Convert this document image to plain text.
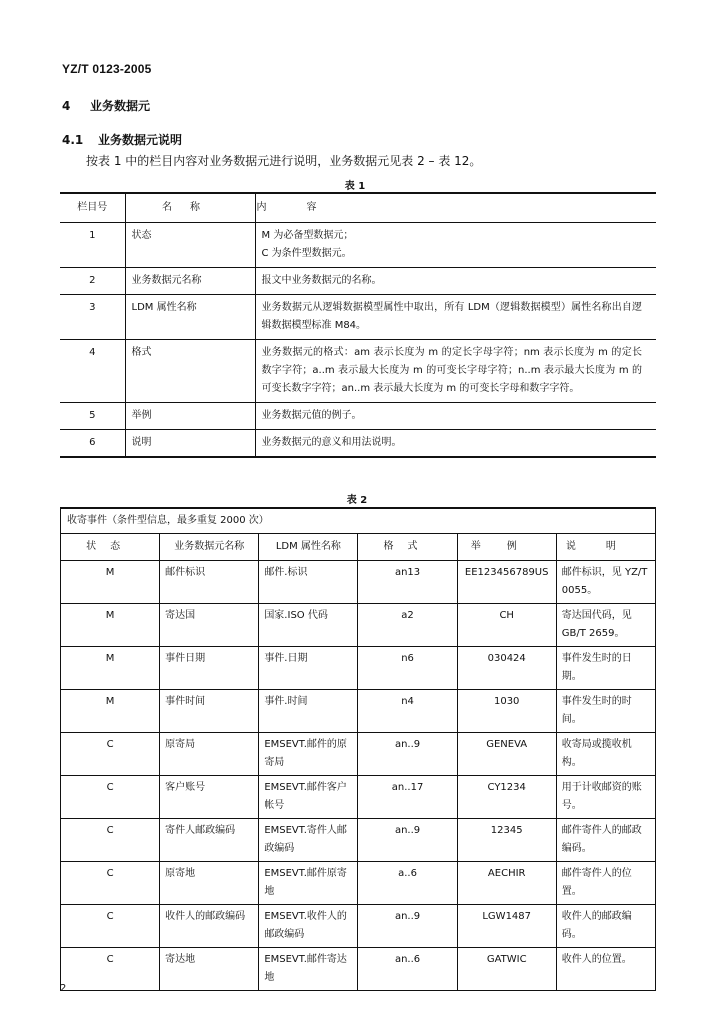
YZ/T 0123-2005
4 业务数据元
4.1 业务数据元说明
按表 1 中的栏目内容对业务数据元进行说明，业务数据元见表 2 – 表 12。
表 1
栏目号	名称	内容
1	状态	M 为必备型数据元；
C 为条件型数据元。

2	业务数据元名称	报文中业务数据元的名称。

3	LDM 属性名称	业务数据元从逻辑数据模型属性中取出，所有 LDM（逻辑数据模型）属性名称出自逻辑数据模型标准 M84。

4	格式	业务数据元的格式：am 表示长度为 m 的定长字母字符；nm 表示长度为 m 的定长数字字符；a..m 表示最大长度为 m 的可变长字母字符；n..m 表示最大长度为 m 的可变长数字字符；an..m 表示最大长度为 m 的可变长字母和数字字符。

5	举例	业务数据元值的例子。

6	说明	业务数据元的意义和用法说明。
表 2
收寄事件（条件型信息，最多重复 2000 次）					
状态	业务数据元名称	LDM 属性名称	格式	举例	说明
M	邮件标识	邮件.标识	an13	EE123456789US	邮件标识，见 YZ/T 0055。
M	寄达国	国家.ISO 代码	a2	CH	寄达国代码，见 GB/T 2659。
M	事件日期	事件.日期	n6	030424	事件发生时的日期。
M	事件时间	事件.时间	n4	1030	事件发生时的时间。
C	原寄局	EMSEVT.邮件的原寄局	an..9	GENEVA	收寄局或揽收机构。
C	客户账号	EMSEVT.邮件客户帐号	an..17	CY1234	用于计收邮资的账号。
C	寄件人邮政编码	EMSEVT.寄件人邮政编码	an..9	12345	邮件寄件人的邮政编码。
C	原寄地	EMSEVT.邮件原寄地	a..6	AECHIR	邮件寄件人的位置。
C	收件人的邮政编码	EMSEVT.收件人的邮政编码	an..9	LGW1487	收件人的邮政编码。
C	寄达地	EMSEVT.邮件寄达地	an..6	GATWIC	收件人的位置。
2
